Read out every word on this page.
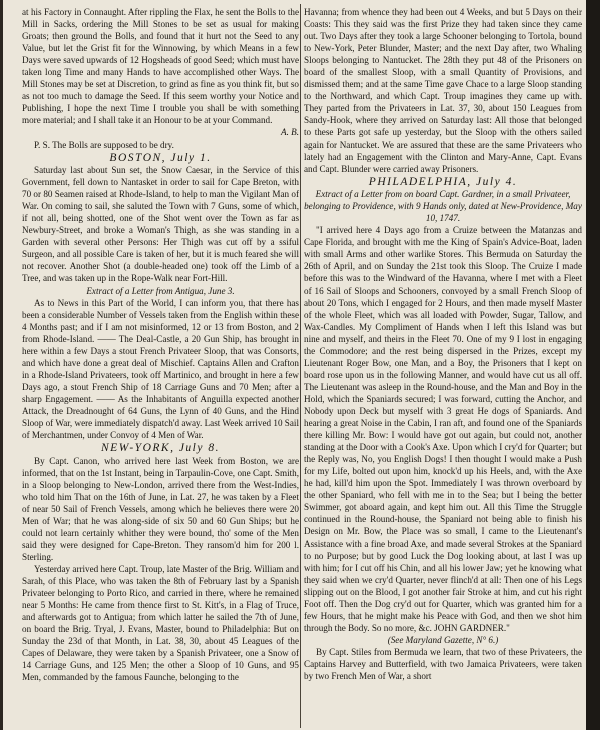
at his Factory in Connaught. After rippling the Flax, he sent the Bolls to the Mill in Sacks, ordering the Mill Stones to be set as usual for making Groats; then ground the Bolls, and found that it hurt not the Seed to any Value, but let the Grist fit for the Winnowing, by which Means in a few Days were saved upwards of 12 Hogsheads of good Seed; which must have taken long Time and many Hands to have accomplished other Ways. The Mill Stones may be set at Discretion, to grind as fine as you think fit, but so as not too much to damage the Seed. If this seem worthy your Notice and Publishing, I hope the next Time I trouble you shall be with something more material; and I shall take it an Honour to be at your Command.

A. B.

P. S. The Bolls are supposed to be dry.

BOSTON, July 1.

Saturday last about Sun set, the Snow Caesar, in the Service of this Government, fell down to Nantasket in order to sail for Cape Breton, with 70 or 80 Seamen raised at Rhode-Island, to help to man the Vigilant Man of War. On coming to sail, she saluted the Town with 7 Guns, some of which, if not all, being shotted, one of the Shot went over the Town as far as Newbury-Street, and broke a Woman's Thigh, as she was standing in a Garden with several other Persons: Her Thigh was cut off by a ssiful Surgeon, and all possible Care is taken of her, but it is much feared she will not recover. Another Shot (a double-headed one) took off the Limb of a Tree, and was taken up in the Rope-Walk near Fort-Hill.

Extract of a Letter from Antigua, June 3.

As to News in this Part of the World, I can inform you, that there has been a considerable Number of Vessels taken from the English within these 4 Months past; and if I am not misinformed, 12 or 13 from Boston, and 2 from Rhode-Island. —— The Deal-Castle, a 20 Gun Ship, has brought in here within a few Days a stout French Privateer Sloop, that was Consorts, and which have done a great deal of Mischief. Captains Allen and Crafton in a Rhode-Island Privateers, took off Martinico, and brought in here a few Days ago, a stout French Ship of 18 Carriage Guns and 70 Men; after a sharp Engagement. —— As the Inhabitants of Anguilla expected another Attack, the Dreadnought of 64 Guns, the Lynn of 40 Guns, and the Hind Sloop of War, were immediately dispatch'd away. Last Week arrived 10 Sail of Merchantmen, under Convoy of 4 Men of War.

NEW-YORK, July 8.

By Capt. Canon, who arrived here last Week from Boston, we are informed, that on the 1st Instant, being in Tarpaulin-Cove, one Capt. Smith, in a Sloop belonging to New-London, arrived there from the West-Indies, who told him That on the 16th of June, in Lat. 27, he was taken by a Fleet of near 50 Sail of French Vessels, among which he believes there were 20 Men of War; that he was along-side of six 50 and 60 Gun Ships; but he could not learn certainly whither they were bound, tho' some of the Men said they were designed for Cape-Breton. They ransom'd him for 200 l. Sterling.

Yesterday arrived here Capt. Troup, late Master of the Brig. William and Sarah, of this Place, who was taken the 8th of February last by a Spanish Privateer belonging to Porto Rico, and carried in there, where he remained near 5 Months: He came from thence first to St. Kitt's, in a Flag of Truce, and afterwards got to Antigua; from which latter he sailed the 7th of June, on board the Brig. Tryal, J. Evans, Master, bound to Philadelphia: But on Sunday the 23d of that Month, in Lat. 38, 30, about 45 Leagues of the Capes of Delaware, they were taken by a Spanish Privateer, one a Snow of 14 Carriage Guns, and 125 Men; the other a Sloop of 10 Guns, and 95 Men, commanded by the famous Faunche, belonging to the

Havanna; from whence they had been out 4 Weeks, and but 5 Days on their Coasts: This they said was the first Prize they had taken since they came out. Two Days after they took a large Schooner belonging to Tortola, bound to New-York, Peter Blunder, Master; and the next Day after, two Whaling Sloops belonging to Nantucket. The 28th they put 48 of the Prisoners on board of the smallest Sloop, with a small Quantity of Provisions, and dismissed them; and at the same Time gave Chace to a large Sloop standing to the Northward, and which Capt. Troup imagines they came up with. They parted from the Privateers in Lat. 37, 30, about 150 Leagues from Sandy-Hook, where they arrived on Saturday last: All those that belonged to these Parts got safe up yesterday, but the Sloop with the others sailed again for Nantucket. We are assured that these are the same Privateers who lately had an Engagement with the Clinton and Mary-Anne, Capt. Evans and Capt. Blunder were carried away Prisoners.

PHILADELPHIA, July 4.

Extract of a Letter from on board Capt. Gardner, in a small Privateer, belonging to Providence, with 9 Hands only, dated at New-Providence, May 10, 1747.

"I arrived here 4 Days ago from a Cruize between the Matanzas and Cape Florida, and brought with me the King of Spain's Advice-Boat, laden with small Arms and other warlike Stores. This Bermuda on Saturday the 26th of April, and on Sunday the 21st took this Sloop. The Cruize I made before this was to the Windward of the Havanna, where I met with a Fleet of 16 Sail of Sloops and Schooners, convoyed by a small French Sloop of about 20 Tons, which I engaged for 2 Hours, and then made myself Master of the whole Fleet, which was all loaded with Powder, Sugar, Tallow, and Wax-Candles. My Compliment of Hands when I left this Island was but nine and myself, and theirs in the Fleet 70. One of my 9 I lost in engaging the Commodore; and the rest being dispersed in the Prizes, except my Lieutenant Roger Bow, one Man, and a Boy, the Prisoners that I kept on board rose upon us in the following Manner, and would have cut us all off. The Lieutenant was asleep in the Round-house, and the Man and Boy in the Hold, which the Spaniards secured; I was forward, cutting the Anchor, and Nobody upon Deck but myself with 3 great He dogs of Spaniards. And hearing a great Noise in the Cabin, I ran aft, and found one of the Spaniards there killing Mr. Bow: I would have got out again, but could not, another standing at the Door with a Cook's Axe. Upon which I cry'd for Quarter; but the Reply was, No, you English Dogs! I then thought I would make a Push for my Life, bolted out upon him, knock'd up his Heels, and, with the Axe he had, kill'd him upon the Spot. Immediately I was thrown overboard by the other Spaniard, who fell with me in to the Sea; but I being the better Swimmer, got aboard again, and kept him out. All this Time the Struggle continued in the Round-house, the Spaniard not being able to finish his Design on Mr. Bow, the Place was so small, I came to the Lieutenant's Assistance with a fine broad Axe, and made several Strokes at the Spaniard to no Purpose; but by good Luck the Dog looking about, at last I was up with him; for I cut off his Chin, and all his lower Jaw; yet he knowing what they said when we cry'd Quarter, never flinch'd at all: Then one of his Legs slipping out on the Blood, I got another fair Stroke at him, and cut his right Foot off. Then the Dog cry'd out for Quarter, which was granted him for a few Hours, that he might make his Peace with God, and then we shot him through the Body. So no more, &c. JOHN GARDNER."

(See Maryland Gazette, N° 6.)

By Capt. Stiles from Bermuda we learn, that two of these Privateers, the Captains Harvey and Butterfield, with two Jamaica Privateers, were taken by two French Men of War, a short
